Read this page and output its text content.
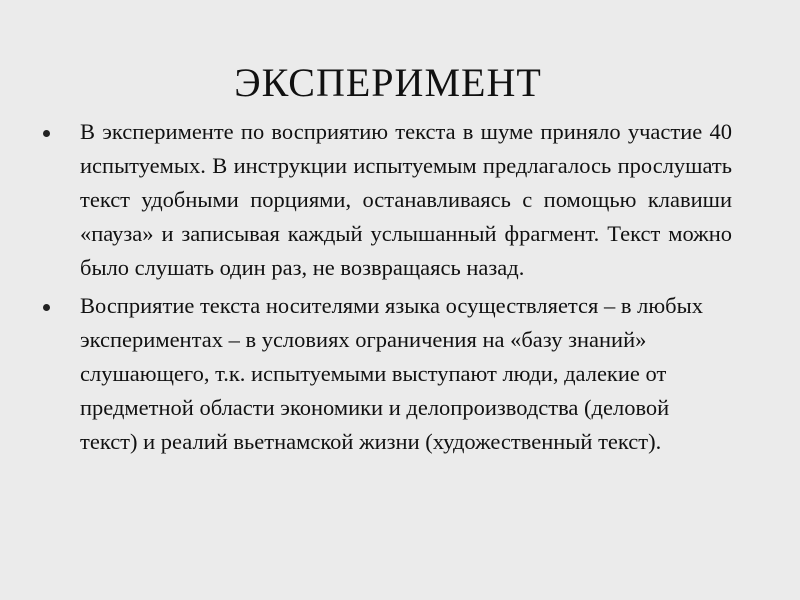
ЭКСПЕРИМЕНТ
В эксперименте по восприятию текста в шуме приняло участие 40 испытуемых. В инструкции испытуемым предлагалось прослушать текст удобными порциями, останавливаясь с помощью клавиши «пауза» и записывая каждый услышанный фрагмент. Текст можно было слушать один раз, не возвращаясь назад.
Восприятие текста носителями языка осуществляется – в любых экспериментах – в условиях ограничения на «базу знаний» слушающего, т.к. испытуемыми выступают люди, далекие от предметной области экономики и делопроизводства (деловой текст) и реалий вьетнамской жизни (художественный текст).
